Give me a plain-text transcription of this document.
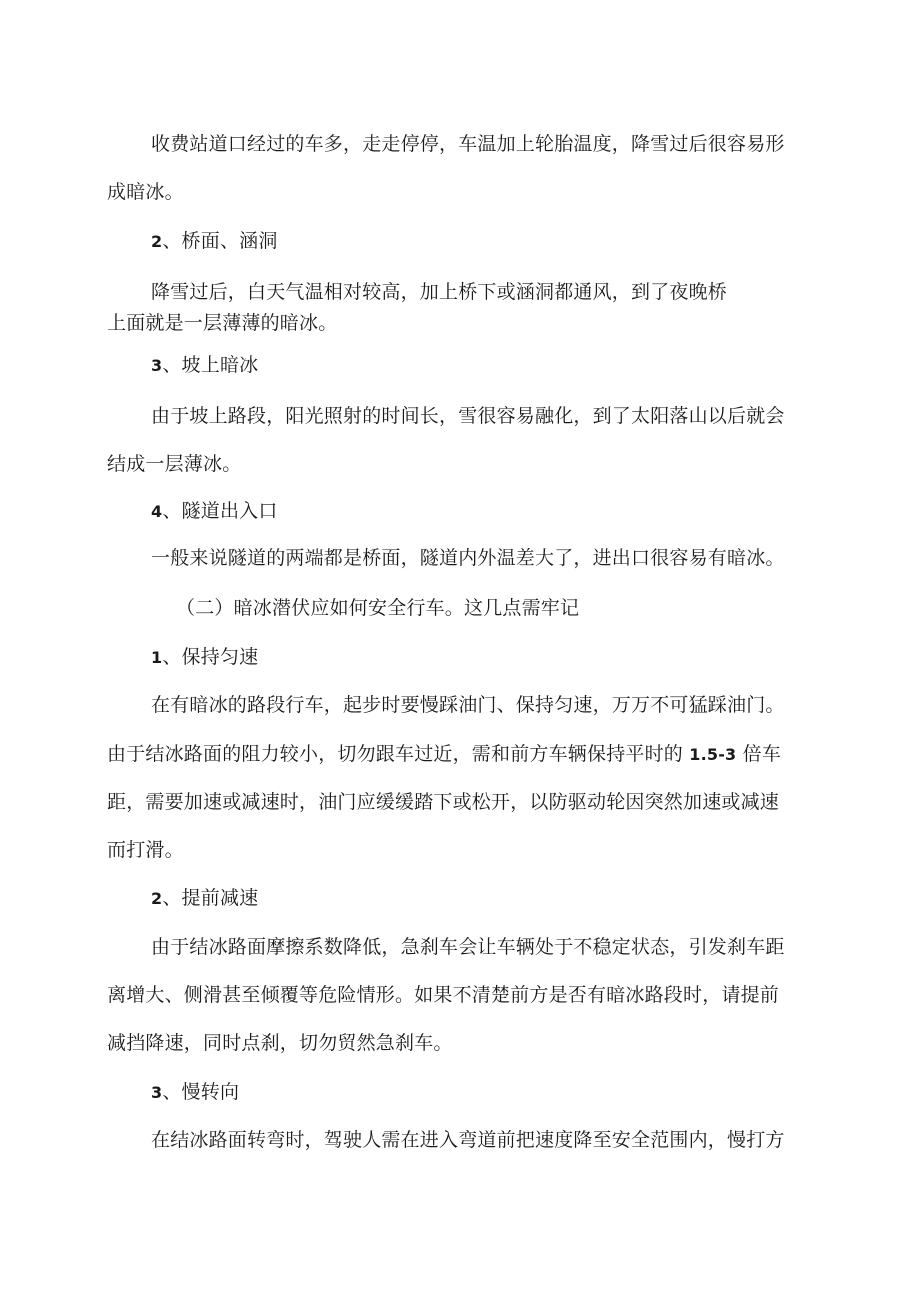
收费站道口经过的车多，走走停停，车温加上轮胎温度，降雪过后很容易形
成暗冰。
2、桥面、涵洞
降雪过后，白天气温相对较高，加上桥下或涵洞都通风，到了夜晚桥
上面就是一层薄薄的暗冰。
3、坡上暗冰
由于坡上路段，阳光照射的时间长，雪很容易融化，到了太阳落山以后就会
结成一层薄冰。
4、隧道出入口
一般来说隧道的两端都是桥面，隧道内外温差大了，进出口很容易有暗冰。
（二）暗冰潜伏应如何安全行车。这几点需牢记
1、保持匀速
在有暗冰的路段行车，起步时要慢踩油门、保持匀速，万万不可猛踩油门。
由于结冰路面的阻力较小，切勿跟车过近，需和前方车辆保持平时的 1.5-3 倍车
距，需要加速或减速时，油门应缓缓踏下或松开，以防驱动轮因突然加速或减速
而打滑。
2、提前减速
由于结冰路面摩擦系数降低，急刹车会让车辆处于不稳定状态，引发刹车距
离增大、侧滑甚至倾覆等危险情形。如果不清楚前方是否有暗冰路段时，请提前
减挡降速，同时点刹，切勿贸然急刹车。
3、慢转向
在结冰路面转弯时，驾驶人需在进入弯道前把速度降至安全范围内，慢打方
